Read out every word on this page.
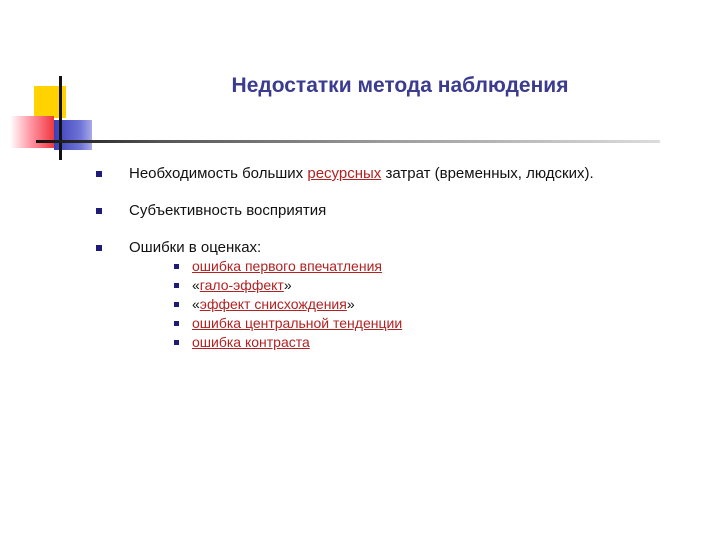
Недостатки метода наблюдения
Необходимость больших ресурсных затрат (временных, людских).
Субъективность восприятия
Ошибки в оценках:
ошибка первого впечатления
«гало-эффект»
«эффект снисхождения»
ошибка центральной тенденции
ошибка контраста
